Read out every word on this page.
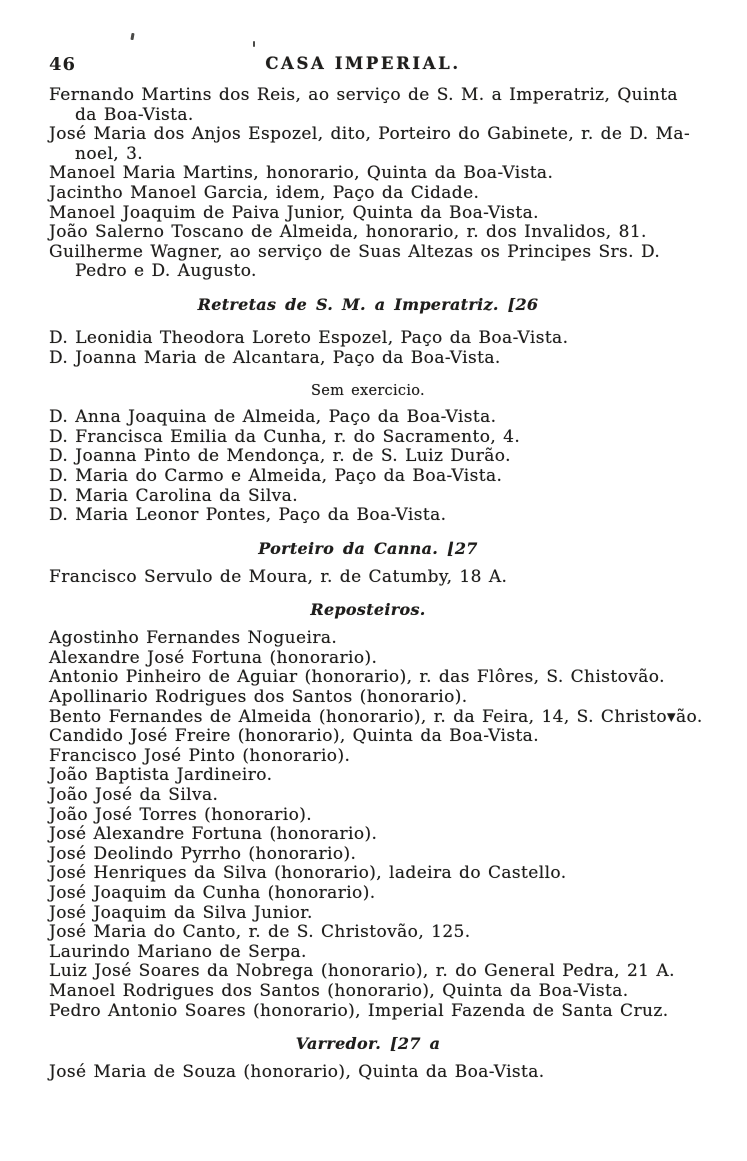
46	CASA IMPERIAL.
Fernando Martins dos Reis, ao serviço de S. M. a Imperatriz, Quinta
da Boa-Vista.
José Maria dos Anjos Espozel, dito, Porteiro do Gabinete, r. de D. Ma-
noel, 3.
Manoel Maria Martins, honorario, Quinta da Boa-Vista.
Jacintho Manoel Garcia, idem, Paço da Cidade.
Manoel Joaquim de Paiva Junior, Quinta da Boa-Vista.
João Salerno Toscano de Almeida, honorario, r. dos Invalidos, 81.
Guilherme Wagner, ao serviço de Suas Altezas os Principes Srs. D.
Pedro e D. Augusto.

Retretas de S. M. a Imperatriz. [26

D. Leonidia Theodora Loreto Espozel, Paço da Boa-Vista.
D. Joanna Maria de Alcantara, Paço da Boa-Vista.

Sem exercicio.

D. Anna Joaquina de Almeida, Paço da Boa-Vista.
D. Francisca Emilia da Cunha, r. do Sacramento, 4.
D. Joanna Pinto de Mendonça, r. de S. Luiz Durão.
D. Maria do Carmo e Almeida, Paço da Boa-Vista.
D. Maria Carolina da Silva.
D. Maria Leonor Pontes, Paço da Boa-Vista.

Porteiro da Canna. ⌊27

Francisco Servulo de Moura, r. de Catumby, 18 A.

Reposteiros.

Agostinho Fernandes Nogueira.
Alexandre José Fortuna (honorario).
Antonio Pinheiro de Aguiar (honorario), r. das Flôres, S. Chistovão.
Apollinario Rodrigues dos Santos (honorario).
Bento Fernandes de Almeida (honorario), r. da Feira, 14, S. Christo▾ão.
Candido José Freire (honorario), Quinta da Boa-Vista.
Francisco José Pinto (honorario).
João Baptista Jardineiro.
João José da Silva.
João José Torres (honorario).
José Alexandre Fortuna (honorario).
José Deolindo Pyrrho (honorario).
José Henriques da Silva (honorario), ladeira do Castello.
José Joaquim da Cunha (honorario).
José Joaquim da Silva Junior.
José Maria do Canto, r. de S. Christovão, 125.
Laurindo Mariano de Serpa.
Luiz José Soares da Nobrega (honorario), r. do General Pedra, 21 A.
Manoel Rodrigues dos Santos (honorario), Quinta da Boa-Vista.
Pedro Antonio Soares (honorario), Imperial Fazenda de Santa Cruz.

Varredor. [27 a

José Maria de Souza (honorario), Quinta da Boa-Vista.
